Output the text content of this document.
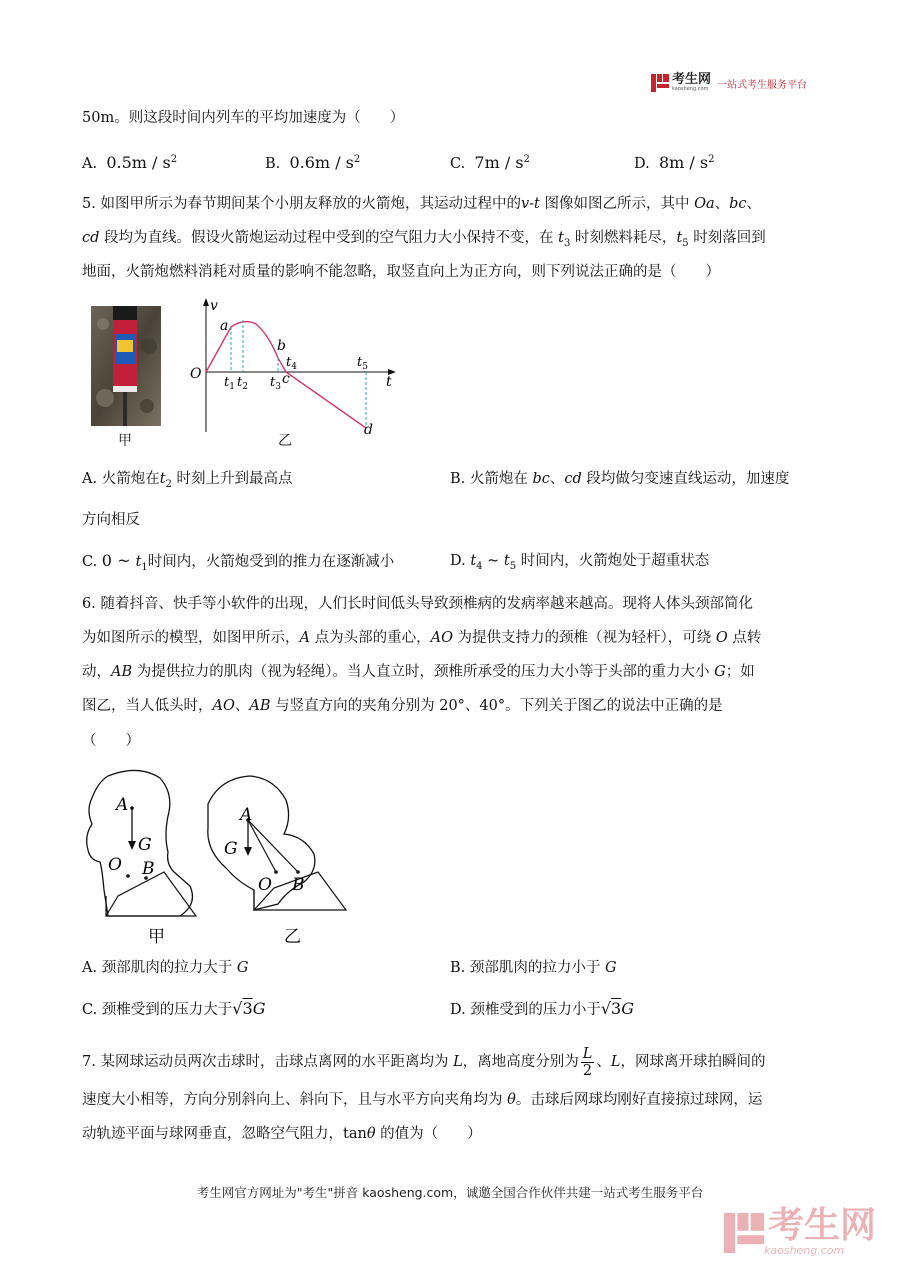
考生网
kaosheng.com 一站式考生服务平台
50m。则这段时间内列车的平均加速度为（　　）
A. $0.5m / s^2$	B. $0.6m / s^2$	C. $7m / s^2$	D. $8m / s^2$
5. 如图甲所示为春节期间某个小朋友释放的火箭炮，其运动过程中的v-t 图像如图乙所示，其中 Oa、bc、
cd 段均为直线。假设火箭炮运动过程中受到的空气阻力大小保持不变，在 $t_3$ 时刻燃料耗尽，$t_5$ 时刻落回到
地面，火箭炮燃料消耗对质量的影响不能忽略，取竖直向上为正方向，则下列说法正确的是（　　）
甲
v
t
O
a
b
c
d
$t_1$ $t_2$ $t_3$
$t_4$	$t_5$
乙
A. 火箭炮在$t_2$ 时刻上升到最高点	B. 火箭炮在 bc、cd 段均做匀变速直线运动，加速度
方向相反
C. 0 ~ $t_1$时间内，火箭炮受到的推力在逐渐减小	D. $t_4$ ~ $t_5$ 时间内，火箭炮处于超重状态
6. 随着抖音、快手等小软件的出现，人们长时间低头导致颈椎病的发病率越来越高。现将人体头颈部简化
为如图所示的模型，如图甲所示，A 点为头部的重心，AO 为提供支持力的颈椎（视为轻杆），可绕 O 点转
动，AB 为提供拉力的肌肉（视为轻绳）。当人直立时，颈椎所承受的压力大小等于头部的重力大小 G；如
图乙，当人低头时，AO、AB 与竖直方向的夹角分别为 20°、40°。下列关于图乙的说法中正确的是
（　　）
A
G
O B
甲
A
G
O B
乙
A. 颈部肌肉的拉力大于 G	B. 颈部肌肉的拉力小于 G
C. 颈椎受到的压力大于√3G	D. 颈椎受到的压力小于√3G
7. 某网球运动员两次击球时，击球点离网的水平距离均为 L，离地高度分别为 $\frac{L}{2}$ 、L，网球离开球拍瞬间的
速度大小相等，方向分别斜向上、斜向下，且与水平方向夹角均为 θ。击球后网球均刚好直接掠过球网，运
动轨迹平面与球网垂直，忽略空气阻力，tanθ 的值为（　　）
考生网官方网址为"考生"拼音 kaosheng.com，诚邀全国合作伙伴共建一站式考生服务平台
考生网
kaosheng.com
